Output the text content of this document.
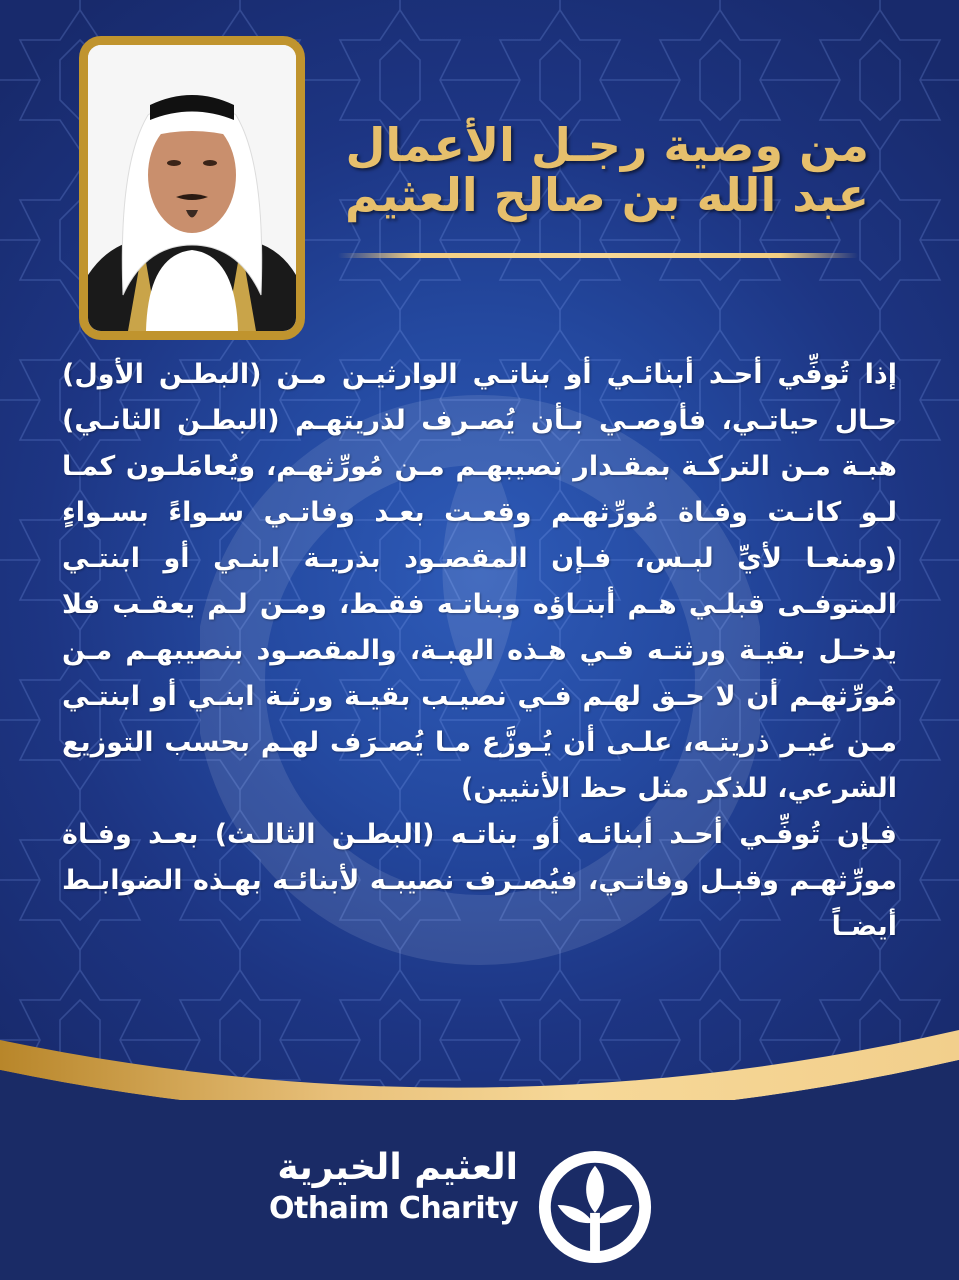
من وصية رجـل الأعمال
عبد الله بن صالح العثيم

إذا تُوفِّي أحـد أبنائـي أو بناتـي الوارثيـن مـن (البطـن الأول) حـال حياتـي، فأوصـي بـأن يُصـرف لذريتهـم (البطـن الثانـي) هبـة مـن التركـة بمقـدار نصيبهـم مـن مُورِّثهـم، ويُعامَلـون كمـا لـو كانـت وفـاة مُورِّثهـم وقعـت بعـد وفاتـي سـواءً بسـواءٍ (ومنعـا لأيِّ لبـس، فـإن المقصـود بذريـة ابنـي أو ابنتـي المتوفـى قبلـي هـم أبنـاؤه وبناتـه فقـط، ومـن لـم يعقـب فلا يدخـل بقيـة ورثتـه فـي هـذه الهبـة، والمقصـود بنصيبهـم مـن مُورِّثهـم أن لا حـق لهـم فـي نصيـب بقيـة ورثـة ابنـي أو ابنتـي مـن غيـر ذريتـه، علـى أن يُـوزَّع مـا يُصـرَف لهـم بحسب التوزيع الشرعي، للذكر مثل حظ الأنثيين)

فـإن تُوفِّـي أحـد أبنائـه أو بناتـه (البطـن الثالـث) بعـد وفـاة مورِّثهـم وقبـل وفاتـي، فيُصـرف نصيبـه لأبنائـه بهـذه الضوابـط أيضـاً

العثيم الخيرية
Othaim Charity
